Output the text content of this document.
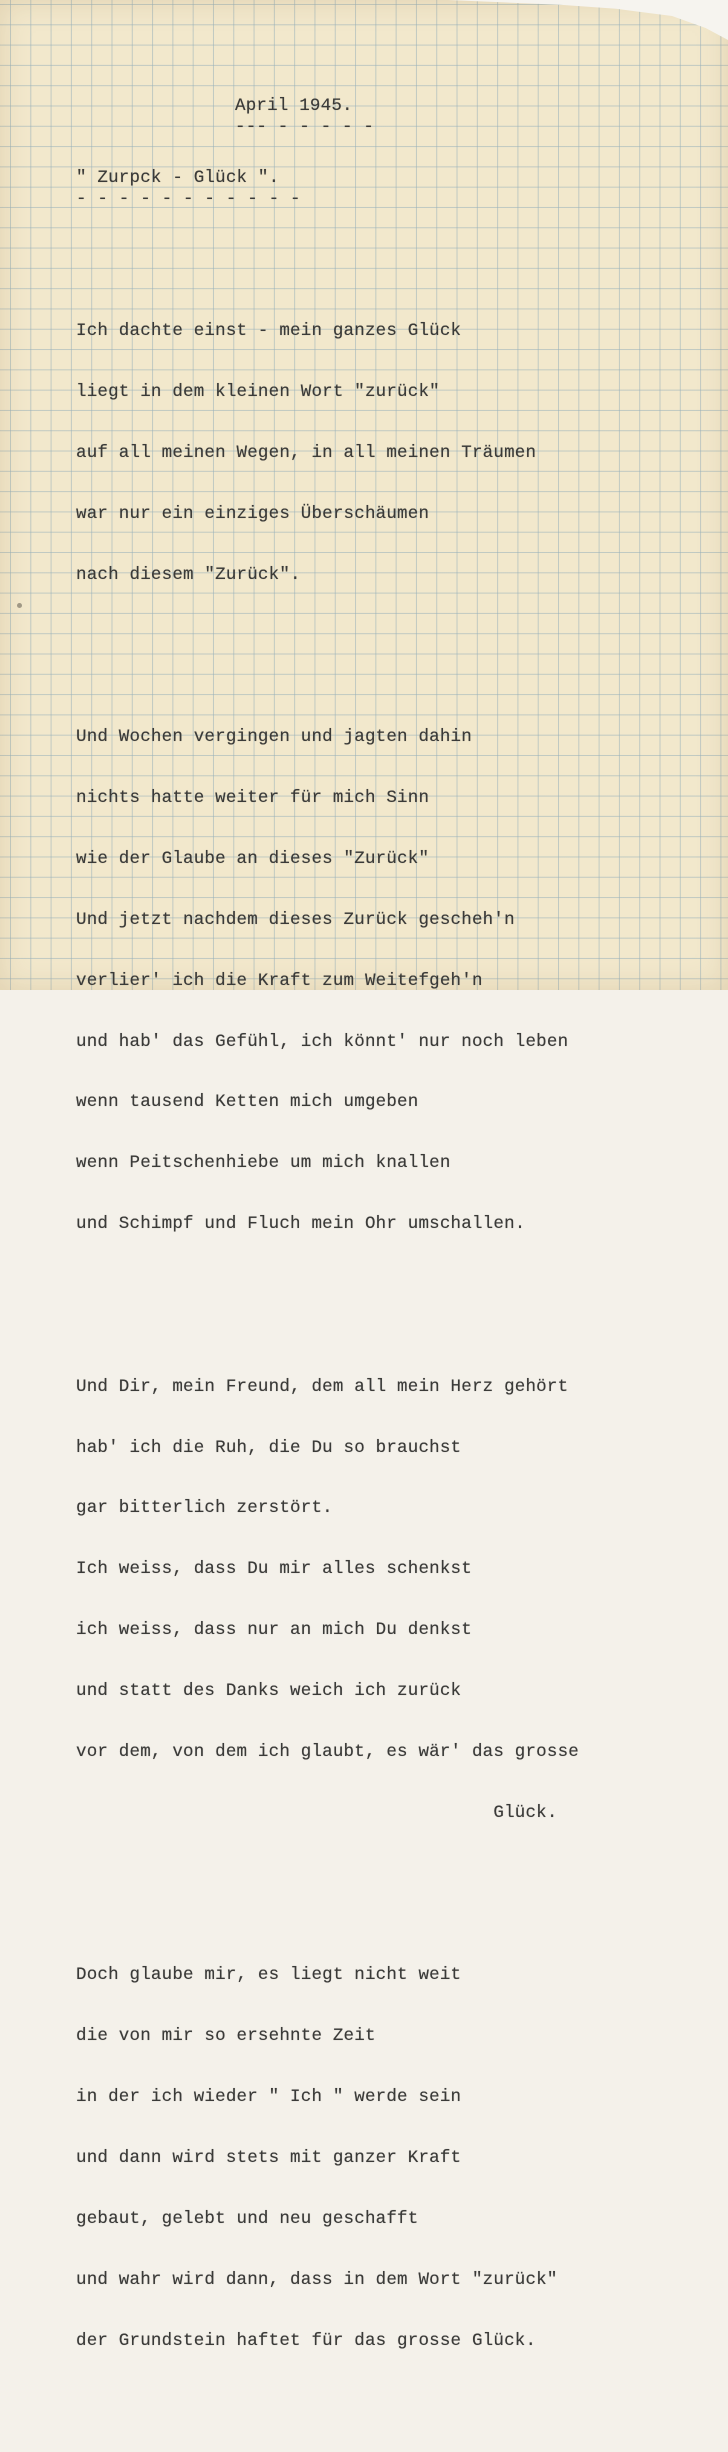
April 1945.
--- - - - - -
" Zurpck - Glück ".
- - - - - - - - - - -

Ich dachte einst - mein ganzes Glück

liegt in dem kleinen Wort "zurück"

auf all meinen Wegen, in all meinen Träumen

war nur ein einziges Überschäumen

nach diesem "Zurück".

Und Wochen vergingen und jagten dahin

nichts hatte weiter für mich Sinn

wie der Glaube an dieses "Zurück"

Und jetzt nachdem dieses Zurück gescheh'n

verlier' ich die Kraft zum Weitefgeh'n

und hab' das Gefühl, ich könnt' nur noch leben

wenn tausend Ketten mich umgeben

wenn Peitschenhiebe um mich knallen

und Schimpf und Fluch mein Ohr umschallen.

Und Dir, mein Freund, dem all mein Herz gehört

hab' ich die Ruh, die Du so brauchst

gar bitterlich zerstört.

Ich weiss, dass Du mir alles schenkst

ich weiss, dass nur an mich Du denkst

und statt des Danks weich ich zurück

vor dem, von dem ich glaubt, es wär' das grosse

Glück.

Doch glaube mir, es liegt nicht weit

die von mir so ersehnte Zeit

in der ich wieder " Ich " werde sein

und dann wird stets mit ganzer Kraft

gebaut, gelebt und neu geschafft

und wahr wird dann, dass in dem Wort "zurück"

der Grundstein haftet für das grosse Glück.
